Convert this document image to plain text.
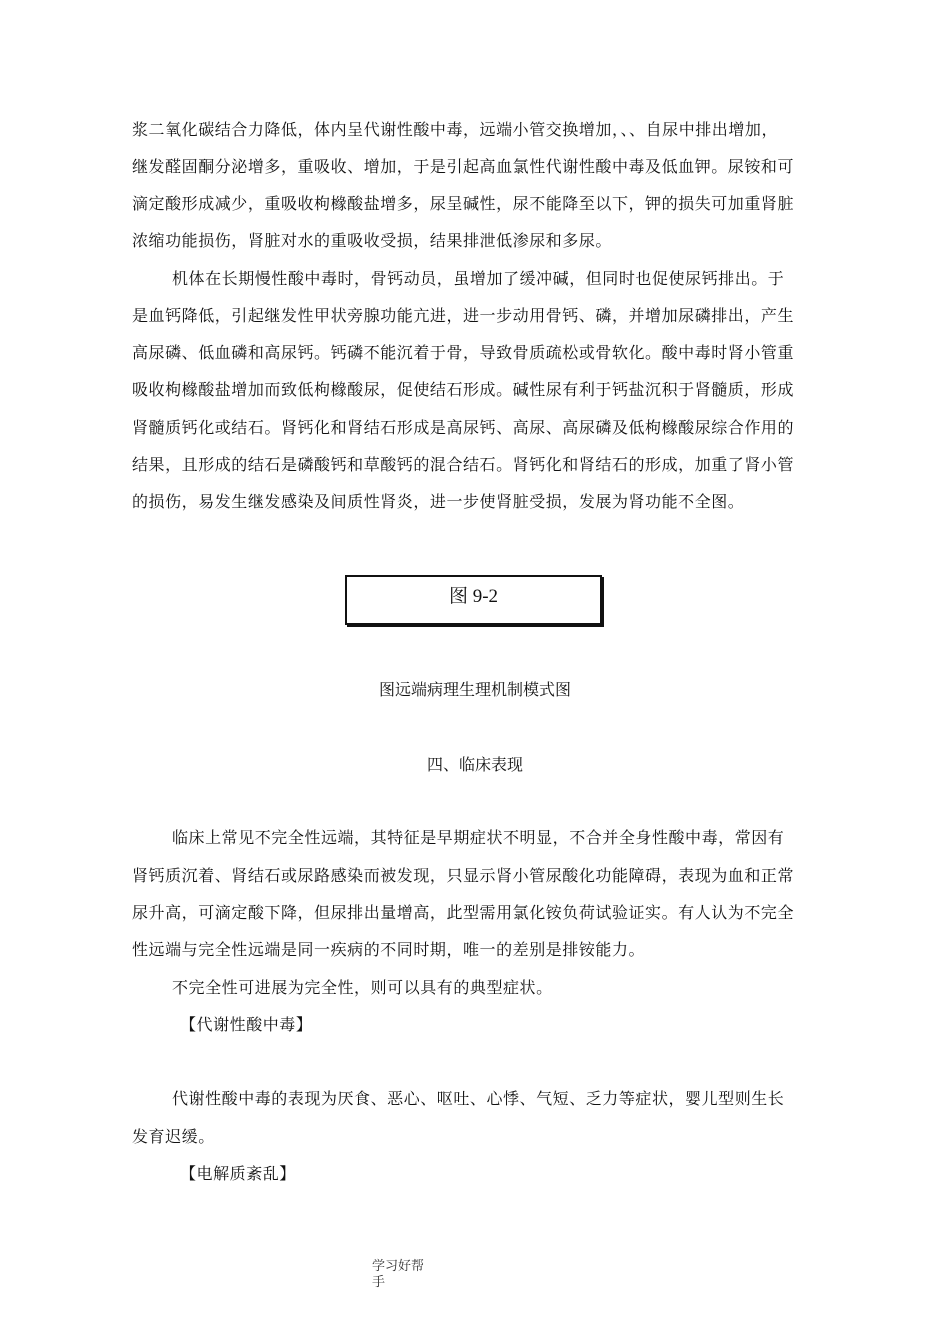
浆二氧化碳结合力降低，体内呈代谢性酸中毒，远端小管交换增加，、、自尿中排出增加，
继发醛固酮分泌增多，重吸收、增加，于是引起高血氯性代谢性酸中毒及低血钾。尿铵和可
滴定酸形成减少，重吸收枸橼酸盐增多，尿呈碱性，尿不能降至以下，钾的损失可加重肾脏
浓缩功能损伤，肾脏对水的重吸收受损，结果排泄低渗尿和多尿。
机体在长期慢性酸中毒时，骨钙动员，虽增加了缓冲碱，但同时也促使尿钙排出。于
是血钙降低，引起继发性甲状旁腺功能亢进，进一步动用骨钙、磷，并增加尿磷排出，产生
高尿磷、低血磷和高尿钙。钙磷不能沉着于骨，导致骨质疏松或骨软化。酸中毒时肾小管重
吸收枸橼酸盐增加而致低枸橼酸尿，促使结石形成。碱性尿有利于钙盐沉积于肾髓质，形成
肾髓质钙化或结石。肾钙化和肾结石形成是高尿钙、高尿、高尿磷及低枸橼酸尿综合作用的
结果，且形成的结石是磷酸钙和草酸钙的混合结石。肾钙化和肾结石的形成，加重了肾小管
的损伤，易发生继发感染及间质性肾炎，进一步使肾脏受损，发展为肾功能不全图。
图 9-2
图远端病理生理机制模式图
四、临床表现
临床上常见不完全性远端，其特征是早期症状不明显，不合并全身性酸中毒，常因有
肾钙质沉着、肾结石或尿路感染而被发现，只显示肾小管尿酸化功能障碍，表现为血和正常
尿升高，可滴定酸下降，但尿排出量增高，此型需用氯化铵负荷试验证实。有人认为不完全
性远端与完全性远端是同一疾病的不同时期，唯一的差别是排铵能力。
不完全性可进展为完全性，则可以具有的典型症状。
【代谢性酸中毒】
代谢性酸中毒的表现为厌食、恶心、呕吐、心悸、气短、乏力等症状，婴儿型则生长
发育迟缓。
【电解质紊乱】
学习好帮
手
